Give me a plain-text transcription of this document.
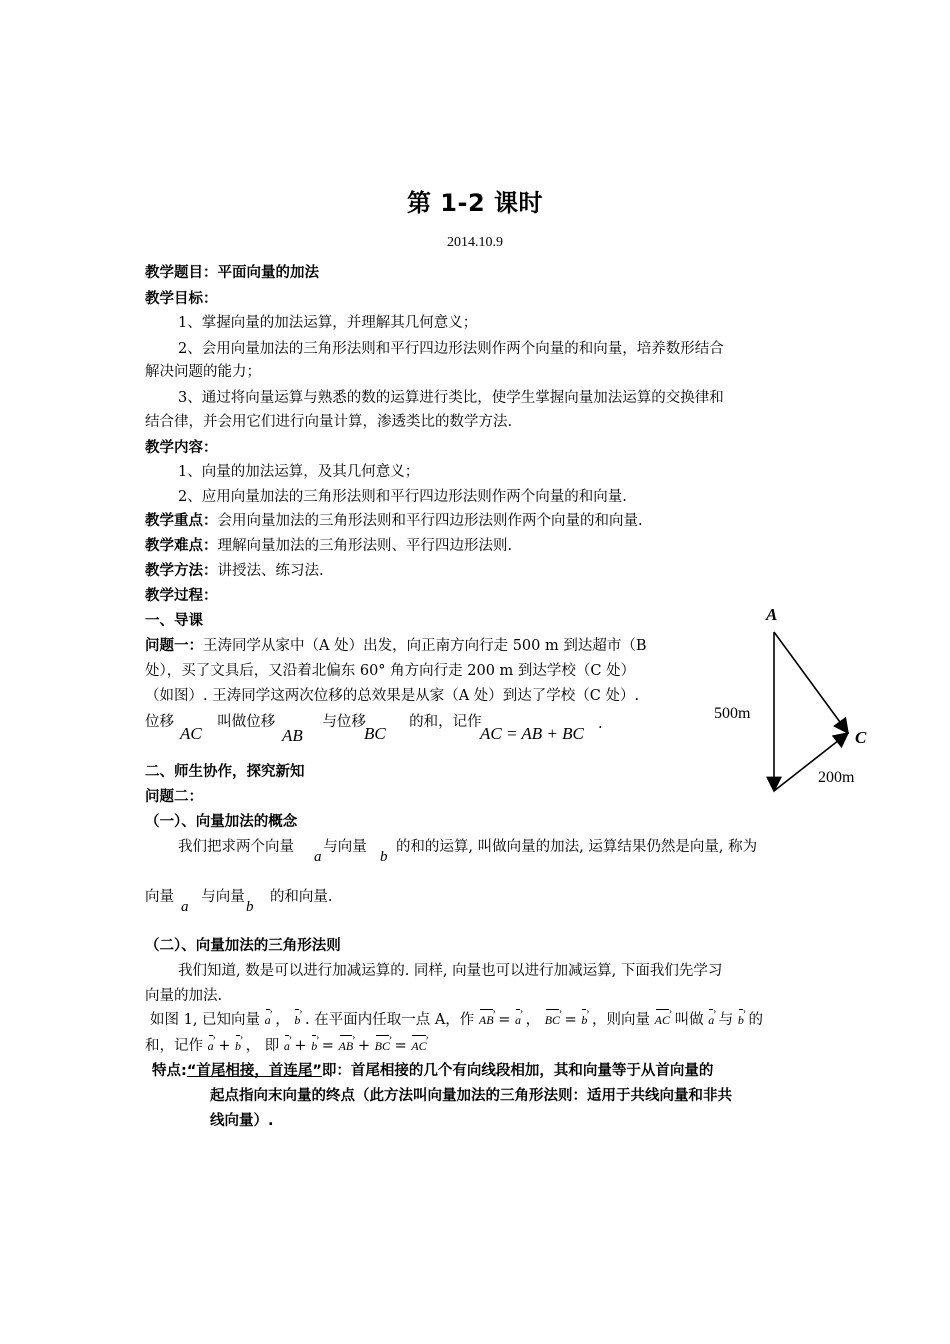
第 1-2 课时
2014.10.9
教学题目：平面向量的加法
教学目标：
1、掌握向量的加法运算，并理解其几何意义；
2、会用向量加法的三角形法则和平行四边形法则作两个向量的和向量，培养数形结合
解决问题的能力；
3、通过将向量运算与熟悉的数的运算进行类比，使学生掌握向量加法运算的交换律和
结合律，并会用它们进行向量计算，渗透类比的数学方法.
教学内容：
1、向量的加法运算，及其几何意义；
2、应用向量加法的三角形法则和平行四边形法则作两个向量的和向量.
教学重点：会用向量加法的三角形法则和平行四边形法则作两个向量的和向量.
教学难点：理解向量加法的三角形法则、平行四边形法则.
教学方法：讲授法、练习法.
教学过程：
一、导课
问题一：王涛同学从家中（A 处）出发，向正南方向行走 500 m 到达超市（B
处），买了文具后，又沿着北偏东 60° 角方向行走 200 m 到达学校（C 处）
（如图）. 王涛同学这两次位移的总效果是从家（A 处）到达了学校（C 处）.
位移	叫做位移	与位移	的和，记作
AC	AB	BC	AC = AB + BC .
A
C
500m
200m
二、师生协作，探究新知
问题二：
（一）、向量加法的概念
我们把求两个向量 与向量 的和的运算, 叫做向量的加法, 运算结果仍然是向量, 称为
a	b
向量 与向量 的和向量.
a	b
（二）、向量加法的三角形法则
我们知道, 数是可以进行加减运算的. 同样, 向量也可以进行加减运算, 下面我们先学习
向量的加法.
如图 1, 已知向量 a › ， b › . 在平面内任取一点 A，作 AB › = a › ， BC › = b › ，则向量 AC › 叫做 a › 与 b › 的
和，记作 a › + b › ， 即 a › + b › = AB › + BC › = AC ›
特点:“首尾相接，首连尾”即：首尾相接的几个有向线段相加，其和向量等于从首向量的
起点指向末向量的终点（此方法叫向量加法的三角形法则：适用于共线向量和非共
线向量）.
